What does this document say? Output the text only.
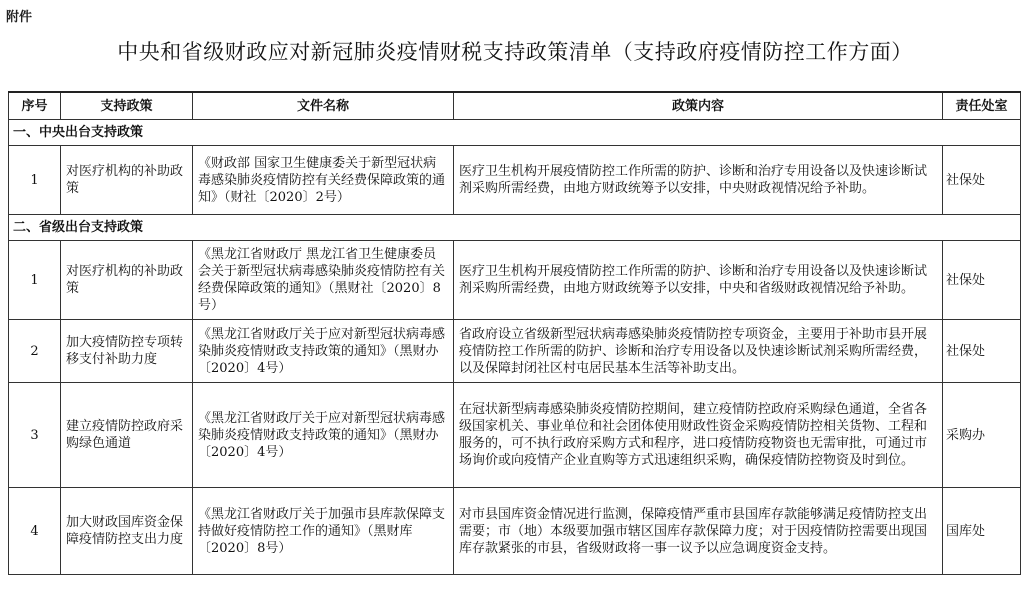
附件
中央和省级财政应对新冠肺炎疫情财税支持政策清单（支持政府疫情防控工作方面）
序号	支持政策	文件名称	政策内容	责任处室
一、中央出台支持政策				
1	对医疗机构的补助政策	《财政部 国家卫生健康委关于新型冠状病毒感染肺炎疫情防控有关经费保障政策的通知》（财社〔2020〕2号）	医疗卫生机构开展疫情防控工作所需的防护、诊断和治疗专用设备以及快速诊断试剂采购所需经费，由地方财政统筹予以安排，中央财政视情况给予补助。	社保处
二、省级出台支持政策				
1	对医疗机构的补助政策	《黑龙江省财政厅 黑龙江省卫生健康委员会关于新型冠状病毒感染肺炎疫情防控有关经费保障政策的通知》（黑财社〔2020〕8号）	医疗卫生机构开展疫情防控工作所需的防护、诊断和治疗专用设备以及快速诊断试剂采购所需经费，由地方财政统筹予以安排，中央和省级财政视情况给予补助。	社保处
2	加大疫情防控专项转移支付补助力度	《黑龙江省财政厅关于应对新型冠状病毒感染肺炎疫情财政支持政策的通知》（黑财办〔2020〕4号）	省政府设立省级新型冠状病毒感染肺炎疫情防控专项资金，主要用于补助市县开展疫情防控工作所需的防护、诊断和治疗专用设备以及快速诊断试剂采购所需经费，以及保障封闭社区村屯居民基本生活等补助支出。	社保处
3	建立疫情防控政府采购绿色通道	《黑龙江省财政厅关于应对新型冠状病毒感染肺炎疫情财政支持政策的通知》（黑财办〔2020〕4号）	在冠状新型病毒感染肺炎疫情防控期间，建立疫情防控政府采购绿色通道，全省各级国家机关、事业单位和社会团体使用财政性资金采购疫情防控相关货物、工程和服务的，可不执行政府采购方式和程序，进口疫情防疫物资也无需审批，可通过市场询价或向疫情产企业直购等方式迅速组织采购，确保疫情防控物资及时到位。	采购办
4	加大财政国库资金保障疫情防控支出力度	《黑龙江省财政厅关于加强市县库款保障支持做好疫情防控工作的通知》（黑财库〔2020〕8号）	对市县国库资金情况进行监测，保障疫情严重市县国库存款能够满足疫情防控支出需要；市（地）本级要加强市辖区国库存款保障力度；对于因疫情防控需要出现国库存款紧张的市县，省级财政将一事一议予以应急调度资金支持。	国库处
